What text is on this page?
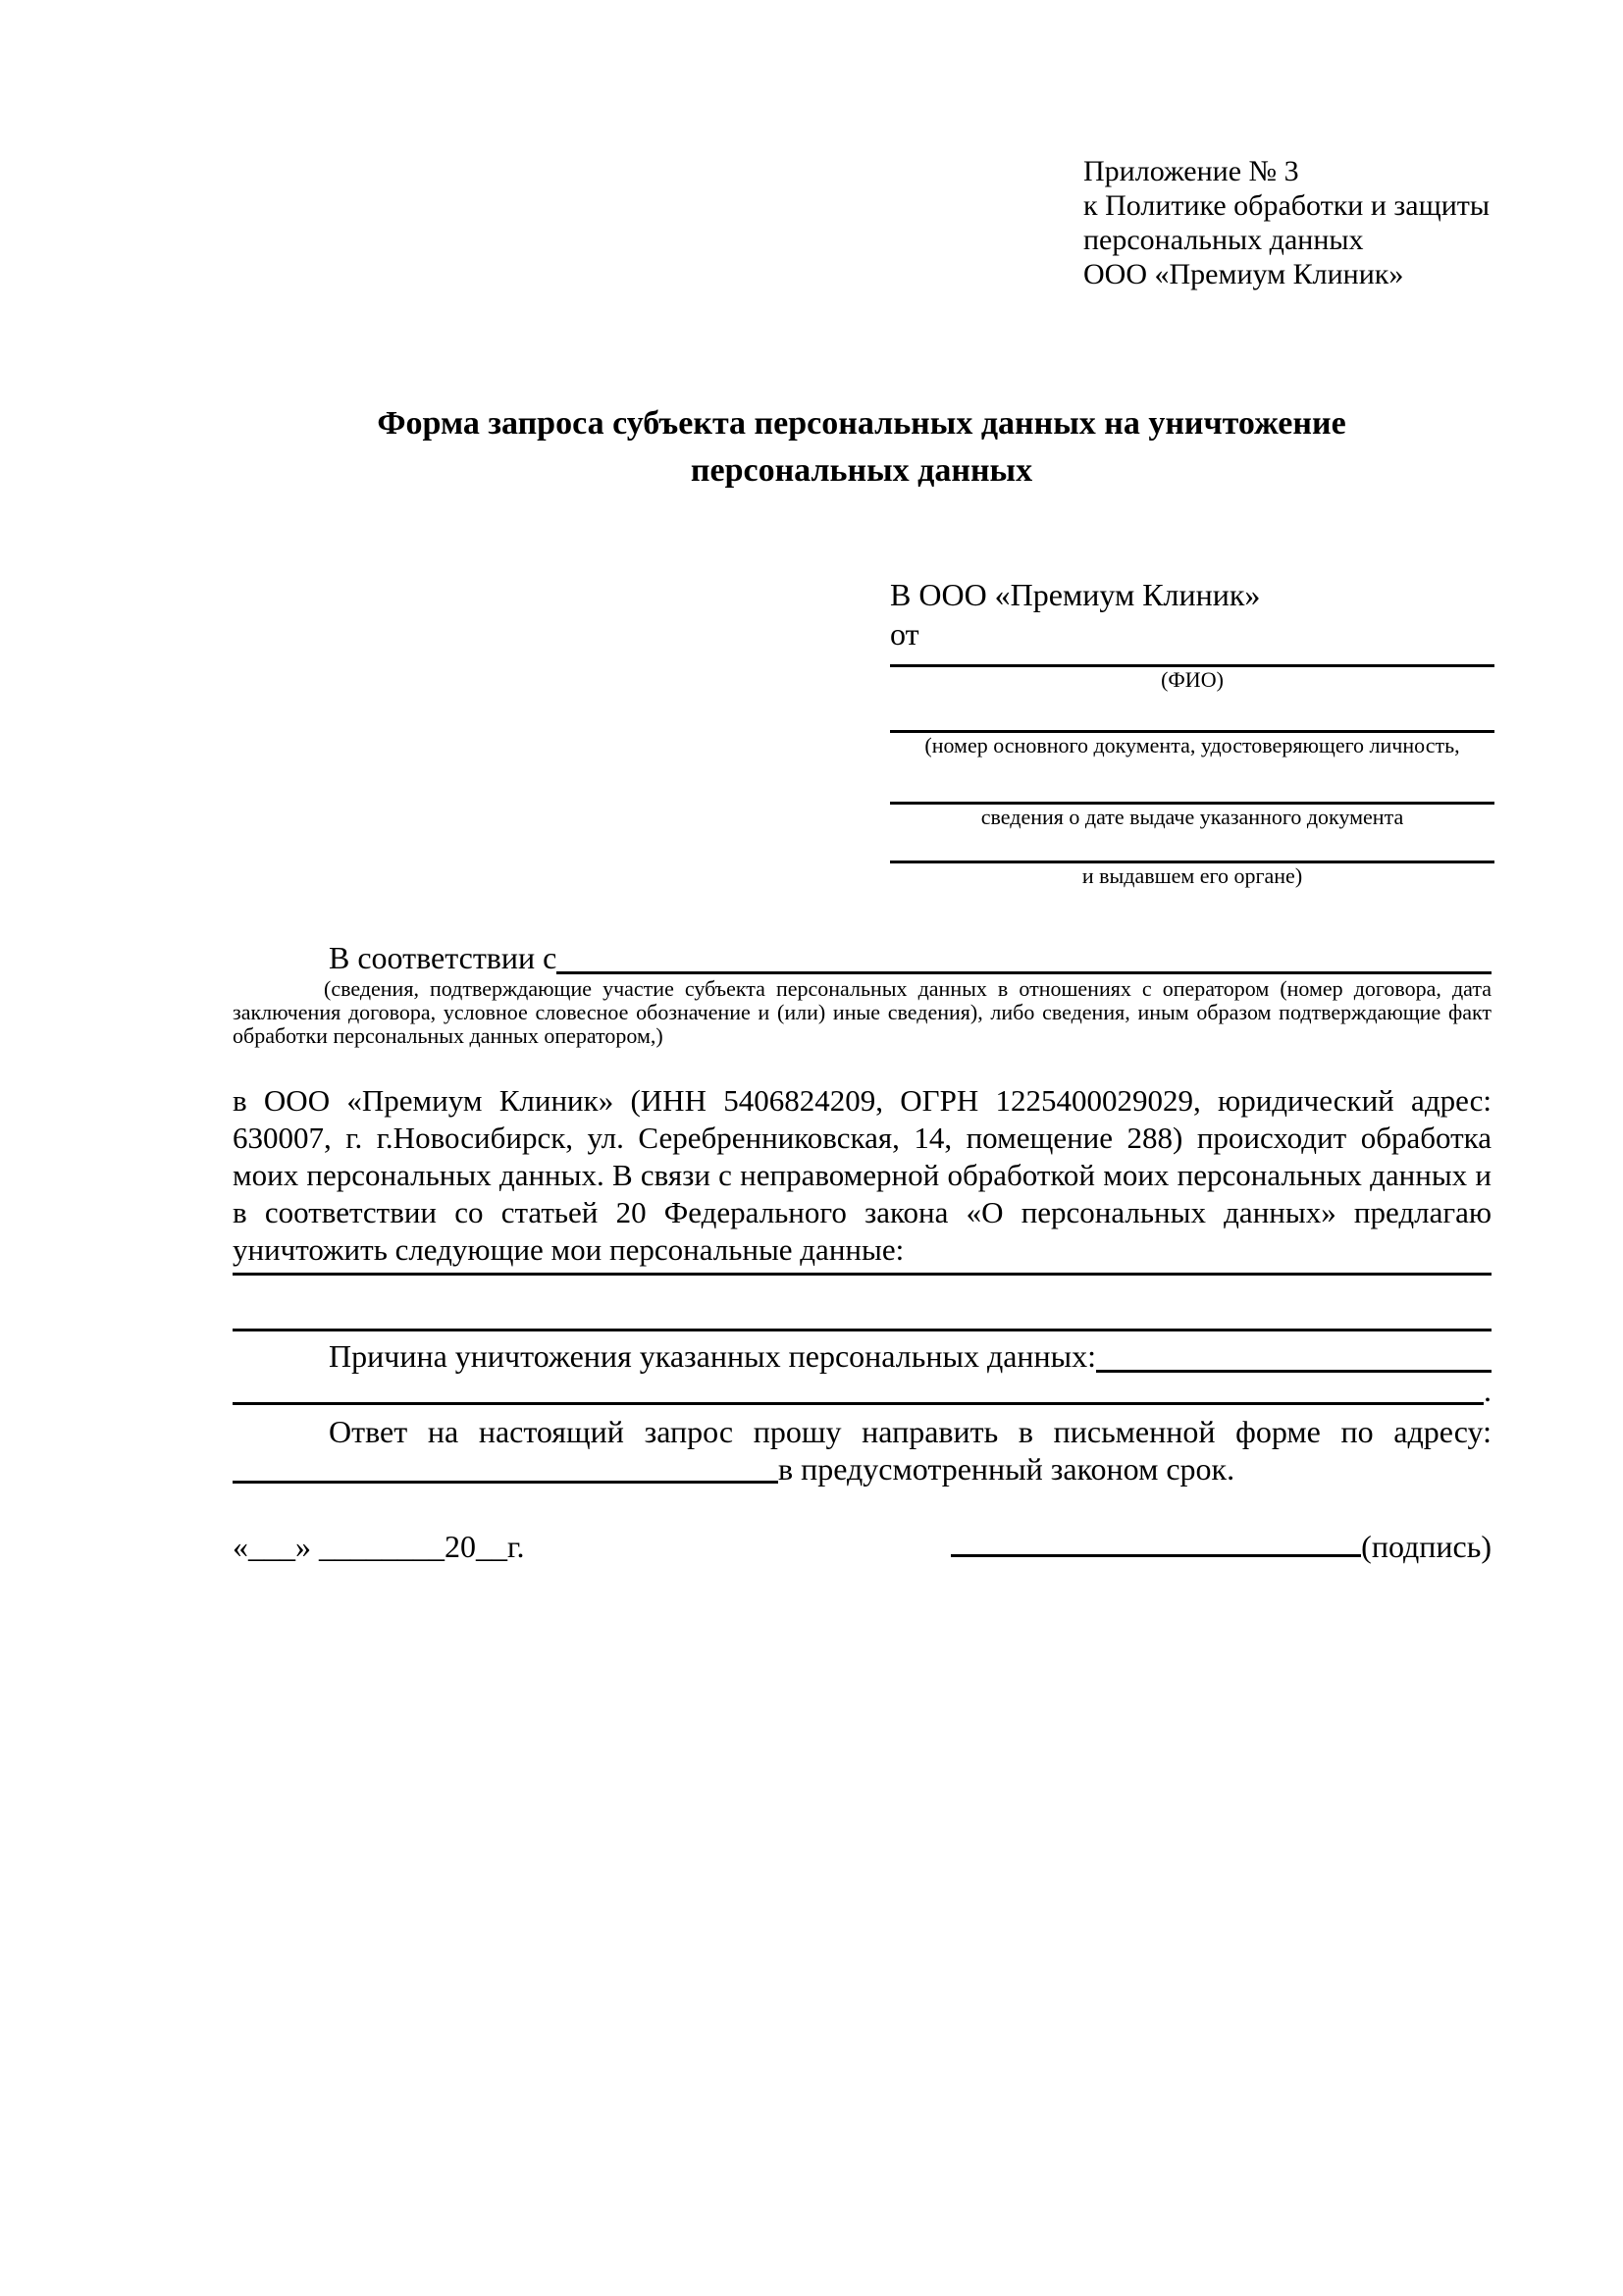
Приложение № 3
к Политике обработки и защиты
персональных данных
ООО «Премиум Клиник»
Форма запроса субъекта персональных данных на уничтожение персональных данных
В ООО «Премиум Клиник»
от
(ФИО)
(номер основного документа, удостоверяющего личность,
сведения о дате выдаче указанного документа
и выдавшем его органе)
В соответствии с
(сведения, подтверждающие участие субъекта персональных данных в отношениях с оператором (номер договора, дата заключения договора, условное словесное обозначение и (или) иные сведения), либо сведения, иным образом подтверждающие факт обработки персональных данных оператором,)

в ООО «Премиум Клиник» (ИНН 5406824209, ОГРН 1225400029029, юридический адрес: 630007, г. г.Новосибирск, ул. Серебренниковская, 14, помещение 288) происходит обработка моих персональных данных. В связи с неправомерной обработкой моих персональных данных и в соответствии со статьей 20 Федерального закона «О персональных данных» предлагаю уничтожить следующие мои персональные данные:

Причина уничтожения указанных персональных данных:
.
Ответ на настоящий запрос прошу направить в письменной форме по адресу:
в предусмотренный законом срок.
«___» ________20__г.	(подпись)
